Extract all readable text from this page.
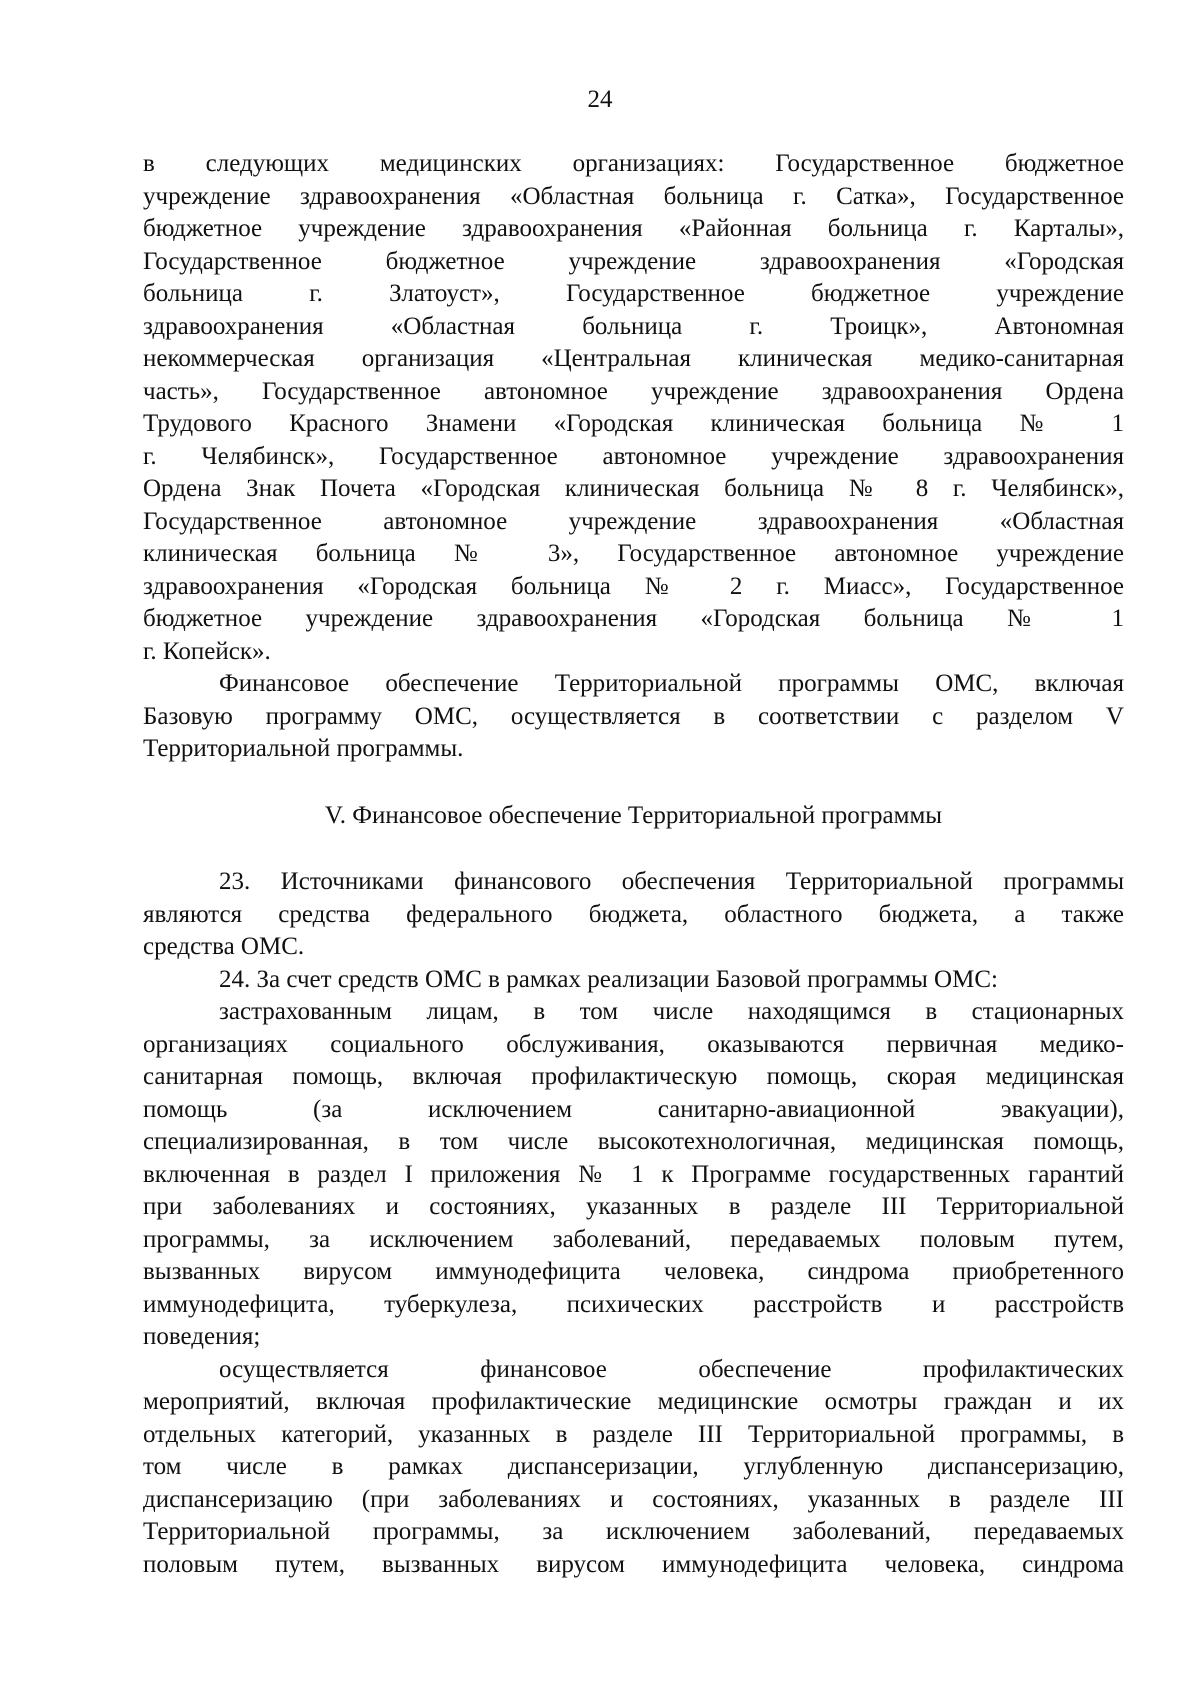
24
в следующих медицинских организациях: Государственное бюджетное
учреждение здравоохранения «Областная больница г. Сатка», Государственное
бюджетное учреждение здравоохранения «Районная больница г. Карталы»,
Государственное бюджетное учреждение здравоохранения «Городская
больница г. Златоуст», Государственное бюджетное учреждение
здравоохранения «Областная больница г. Троицк», Автономная
некоммерческая организация «Центральная клиническая медико-санитарная
часть», Государственное автономное учреждение здравоохранения Ордена
Трудового Красного Знамени «Городская клиническая больница № 1
г. Челябинск», Государственное автономное учреждение здравоохранения
Ордена Знак Почета «Городская клиническая больница № 8 г. Челябинск»,
Государственное автономное учреждение здравоохранения «Областная
клиническая больница № 3», Государственное автономное учреждение
здравоохранения «Городская больница № 2 г. Миасс», Государственное
бюджетное учреждение здравоохранения «Городская больница № 1
г. Копейск».
Финансовое обеспечение Территориальной программы ОМС, включая
Базовую программу ОМС, осуществляется в соответствии с разделом V
Территориальной программы.
V. Финансовое обеспечение Территориальной программы
23. Источниками финансового обеспечения Территориальной программы
являются средства федерального бюджета, областного бюджета, а также
средства ОМС.
24. За счет средств ОМС в рамках реализации Базовой программы ОМС:
застрахованным лицам, в том числе находящимся в стационарных
организациях социального обслуживания, оказываются первичная медико-
санитарная помощь, включая профилактическую помощь, скорая медицинская
помощь (за исключением санитарно-авиационной эвакуации),
специализированная, в том числе высокотехнологичная, медицинская помощь,
включенная в раздел I приложения № 1 к Программе государственных гарантий
при заболеваниях и состояниях, указанных в разделе III Территориальной
программы, за исключением заболеваний, передаваемых половым путем,
вызванных вирусом иммунодефицита человека, синдрома приобретенного
иммунодефицита, туберкулеза, психических расстройств и расстройств
поведения;
осуществляется финансовое обеспечение профилактических
мероприятий, включая профилактические медицинские осмотры граждан и их
отдельных категорий, указанных в разделе III Территориальной программы, в
том числе в рамках диспансеризации, углубленную диспансеризацию,
диспансеризацию (при заболеваниях и состояниях, указанных в разделе III
Территориальной программы, за исключением заболеваний, передаваемых
половым путем, вызванных вирусом иммунодефицита человека, синдрома
